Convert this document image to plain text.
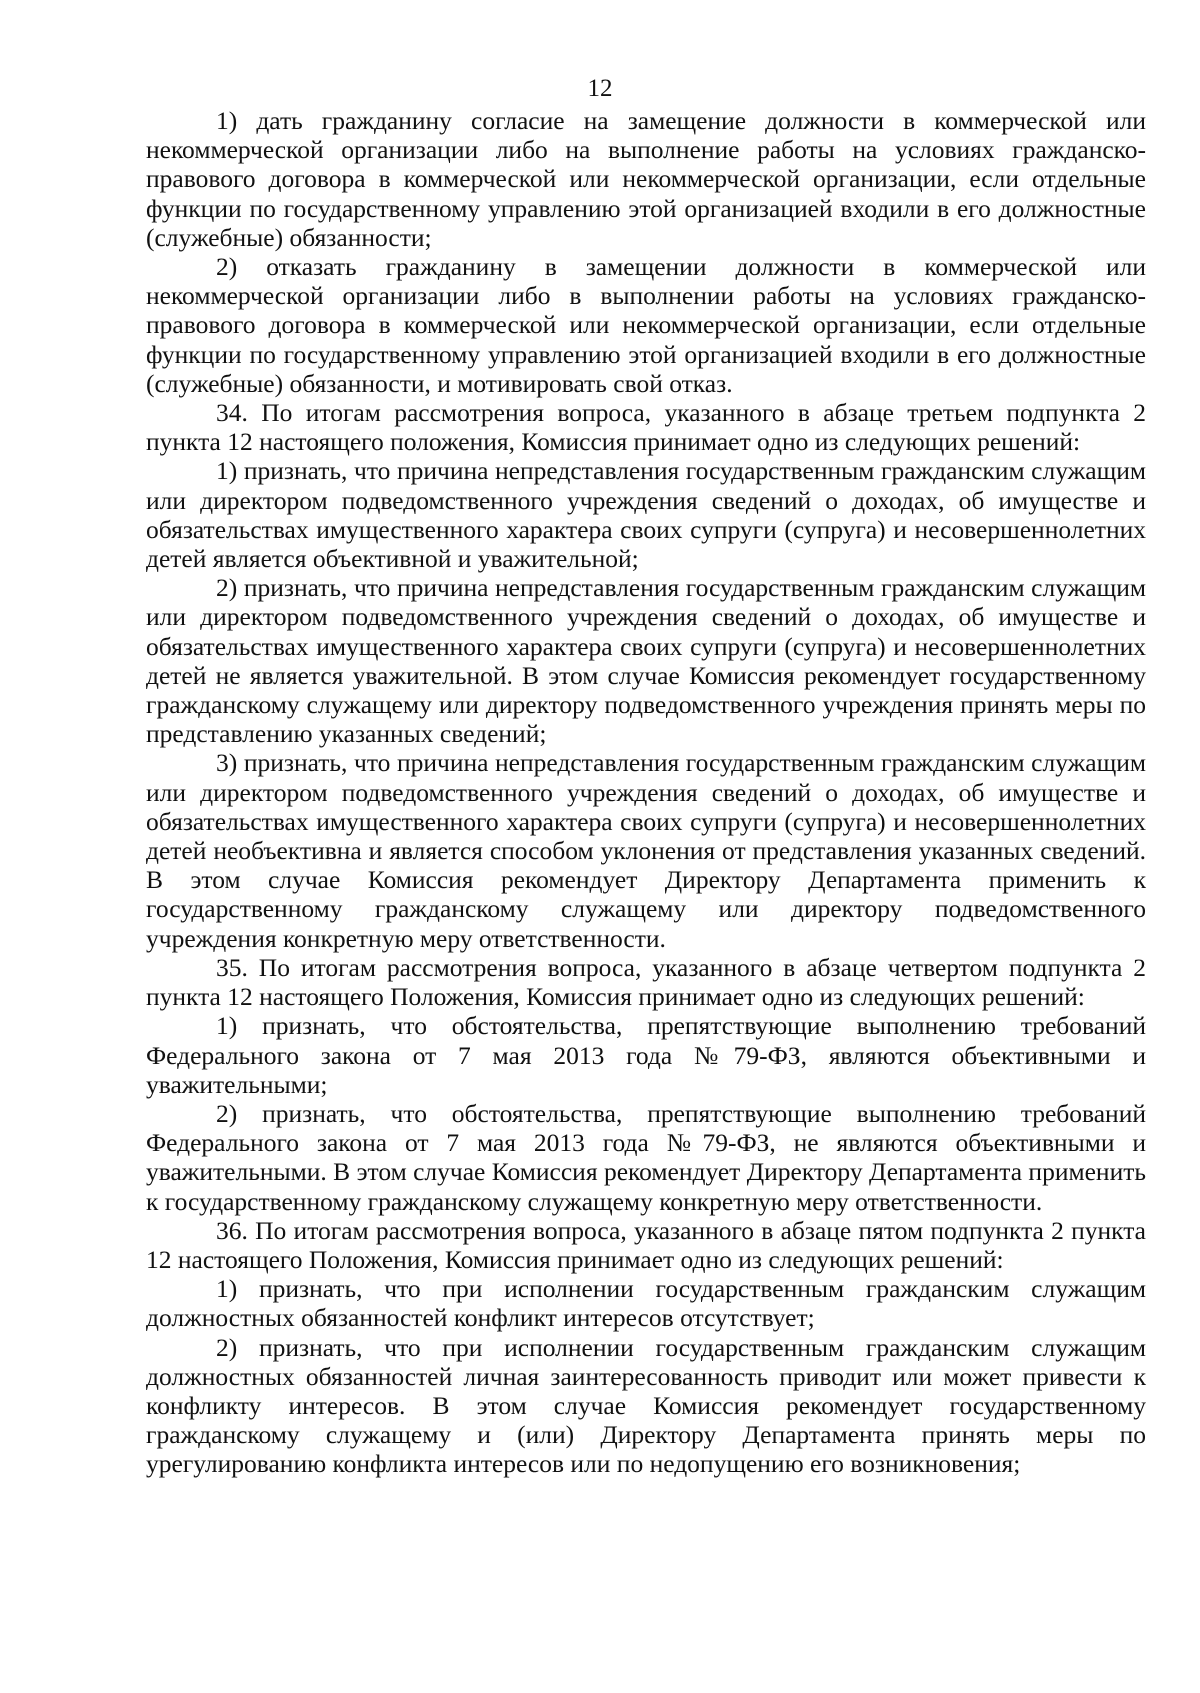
12

1) дать гражданину согласие на замещение должности в коммерческой или некоммерческой организации либо на выполнение работы на условиях гражданско-правового договора в коммерческой или некоммерческой организации, если отдельные функции по государственному управлению этой организацией входили в его должностные (служебные) обязанности;

2) отказать гражданину в замещении должности в коммерческой или некоммерческой организации либо в выполнении работы на условиях гражданско-правового договора в коммерческой или некоммерческой организации, если отдельные функции по государственному управлению этой организацией входили в его должностные (служебные) обязанности, и мотивировать свой отказ.

34. По итогам рассмотрения вопроса, указанного в абзаце третьем подпункта 2 пункта 12 настоящего положения, Комиссия принимает одно из следующих решений:

1) признать, что причина непредставления государственным гражданским служащим или директором подведомственного учреждения сведений о доходах, об имуществе и обязательствах имущественного характера своих супруги (супруга) и несовершеннолетних детей является объективной и уважительной;

2) признать, что причина непредставления государственным гражданским служащим или директором подведомственного учреждения сведений о доходах, об имуществе и обязательствах имущественного характера своих супруги (супруга) и несовершеннолетних детей не является уважительной. В этом случае Комиссия рекомендует государственному гражданскому служащему или директору подведомственного учреждения принять меры по представлению указанных сведений;

3) признать, что причина непредставления государственным гражданским служащим или директором подведомственного учреждения сведений о доходах, об имуществе и обязательствах имущественного характера своих супруги (супруга) и несовершеннолетних детей необъективна и является способом уклонения от представления указанных сведений. В этом случае Комиссия рекомендует Директору Департамента применить к государственному гражданскому служащему или директору подведомственного учреждения конкретную меру ответственности.

35. По итогам рассмотрения вопроса, указанного в абзаце четвертом подпункта 2 пункта 12 настоящего Положения, Комиссия принимает одно из следующих решений:

1) признать, что обстоятельства, препятствующие выполнению требований Федерального закона от 7 мая 2013 года №79-ФЗ, являются объективными и уважительными;

2) признать, что обстоятельства, препятствующие выполнению требований Федерального закона от 7 мая 2013 года №79-ФЗ, не являются объективными и уважительными. В этом случае Комиссия рекомендует Директору Департамента применить к государственному гражданскому служащему конкретную меру ответственности.

36. По итогам рассмотрения вопроса, указанного в абзаце пятом подпункта 2 пункта 12 настоящего Положения, Комиссия принимает одно из следующих решений:

1) признать, что при исполнении государственным гражданским служащим должностных обязанностей конфликт интересов отсутствует;

2) признать, что при исполнении государственным гражданским служащим должностных обязанностей личная заинтересованность приводит или может привести к конфликту интересов. В этом случае Комиссия рекомендует государственному гражданскому служащему и (или) Директору Департамента принять меры по урегулированию конфликта интересов или по недопущению его возникновения;
